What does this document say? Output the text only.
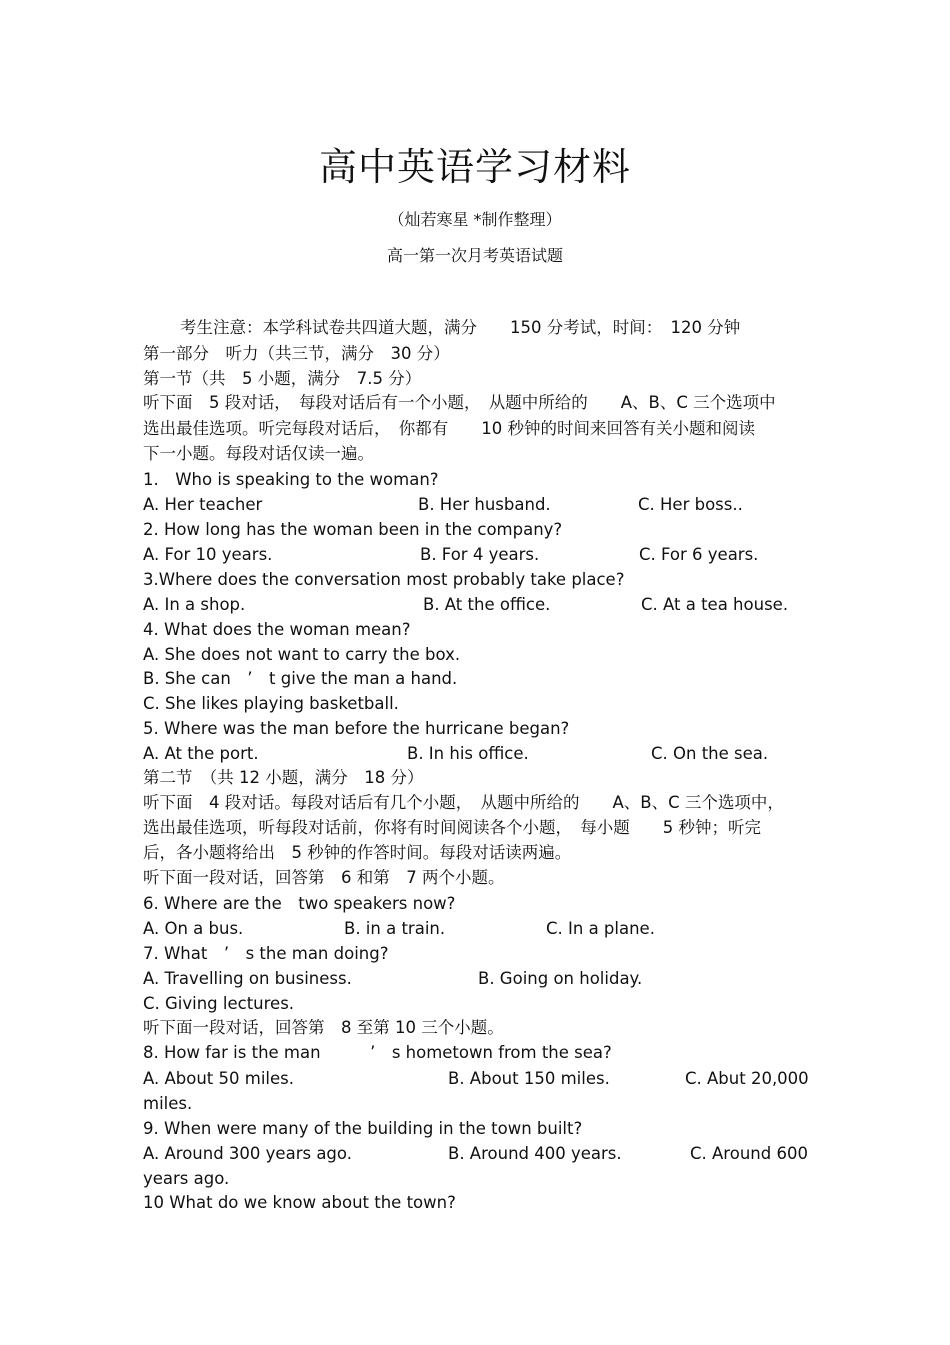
高中英语学习材料
（灿若寒星 *制作整理）
高一第一次月考英语试题
考生注意：本学科试卷共四道大题，满分　　150 分考试，时间：　120 分钟
第一部分　听力（共三节，满分　30 分）
第一节（共　5 小题，满分　7.5 分）
听下面　5 段对话，　每段对话后有一个小题，　从题中所给的　　A、B、C 三个选项中
选出最佳选项。听完每段对话后，　你都有　　10 秒钟的时间来回答有关小题和阅读
下一小题。每段对话仅读一遍。
1.　Who is speaking to the woman?
A. Her teacher	B. Her husband.	C. Her boss..
2. How long has the woman been in the company?
A. For 10 years.	B. For 4 years.	C. For 6 years.
3.Where does the conversation most probably take place?
A. In a shop.	B. At the office.	C. At a tea house.
4. What does the woman mean?
A. She does not want to carry the box.
B. She can　’　t give the man a hand.
C. She likes playing basketball.
5. Where was the man before the hurricane began?
A. At the port.	B. In his office.	C. On the sea.
第二节　（共 12 小题，满分　18 分）
听下面　4 段对话。每段对话后有几个小题，　从题中所给的　　A、B、C 三个选项中，
选出最佳选项，听每段对话前，你将有时间阅读各个小题，　每小题　　5 秒钟；听完
后，各小题将给出　5 秒钟的作答时间。每段对话读两遍。
听下面一段对话，回答第　6 和第　7 两个小题。
6. Where are the　two speakers now?
A. On a bus.	B. in a train.	C. In a plane.
7. What　’　s the man doing?
A. Travelling on business.	B. Going on holiday.
C. Giving lectures.
听下面一段对话，回答第　8 至第 10 三个小题。
8. How far is the man　　　’　s hometown from the sea?
A. About 50 miles.	B. About 150 miles.	C. Abut 20,000
miles.
9. When were many of the building in the town built?
A. Around 300 years ago.	B. Around 400 years.	C. Around 600
years ago.
10 What do we know about the town?
